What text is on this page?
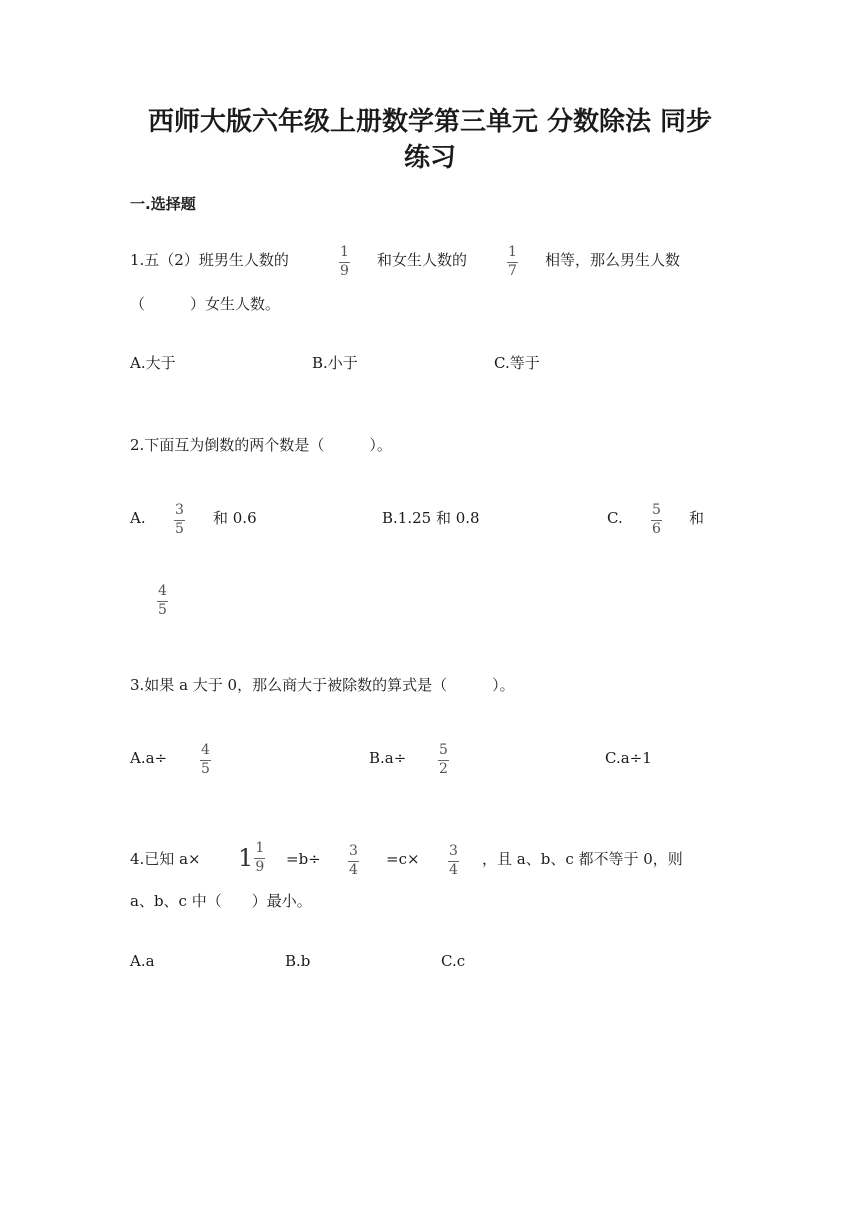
西师大版六年级上册数学第三单元 分数除法 同步
练习
一.选择题
1.五（2）班男生人数的	1
9
和女生人数的	1
7
相等，那么男生人数
（　　　）女生人数。
A.大于	B.小于	C.等于
2.下面互为倒数的两个数是（　　　）。
A. 3
5
和 0.6	B.1.25 和 0.8	C. 5
6
和
4
5
3.如果 a 大于 0，那么商大于被除数的算式是（　　　）。
A.a÷ 4
5
B.a÷ 5
2
C.a÷1
4.已知 $a\times 1 \frac{1}{9} =b\div 3$
4
=c× 3
4
，且 a、b、c 都不等于 0，则
a、b、c 中（　　）最小。
A.a	B.b	C.c
